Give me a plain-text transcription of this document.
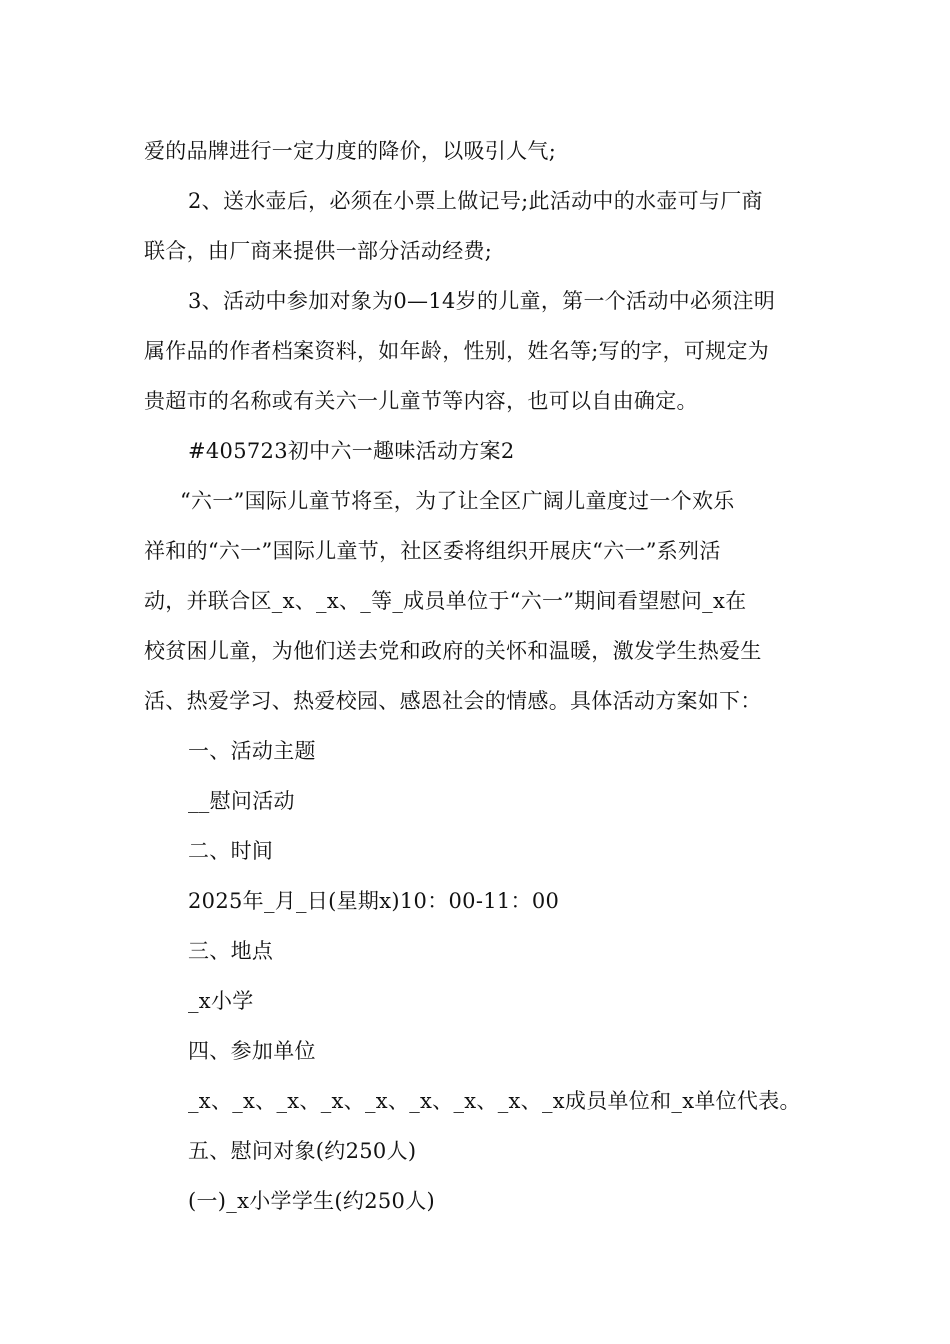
爱的品牌进行一定力度的降价，以吸引人气;
2、送水壶后，必须在小票上做记号;此活动中的水壶可与厂商
联合，由厂商来提供一部分活动经费;
3、活动中参加对象为0—14岁的儿童，第一个活动中必须注明
属作品的作者档案资料，如年龄，性别，姓名等;写的字，可规定为
贵超市的名称或有关六一儿童节等内容，也可以自由确定。
#405723初中六一趣味活动方案2
“六一”国际儿童节将至，为了让全区广阔儿童度过一个欢乐
祥和的“六一”国际儿童节，社区委将组织开展庆“六一”系列活
动，并联合区_x、_x、_等_成员单位于“六一”期间看望慰问_x在
校贫困儿童，为他们送去党和政府的关怀和温暖，激发学生热爱生
活、热爱学习、热爱校园、感恩社会的情感。具体活动方案如下：
一、活动主题
__慰问活动
二、时间
2025年_月_日(星期x)10：00-11：00
三、地点
_x小学
四、参加单位
_x、_x、_x、_x、_x、_x、_x、_x、_x成员单位和_x单位代表。
五、慰问对象(约250人)
(一)_x小学学生(约250人)
